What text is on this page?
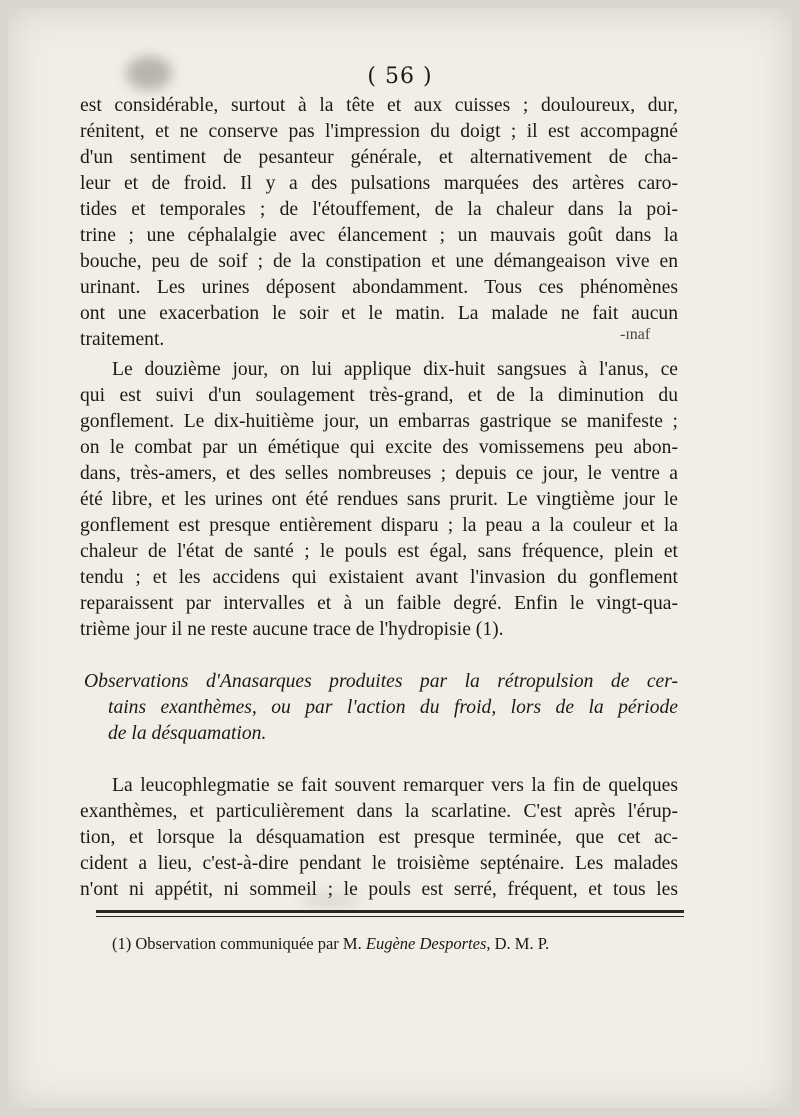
( 56 )
est considérable, surtout à la tête et aux cuisses ; douloureux, dur,
rénitent, et ne conserve pas l'impression du doigt ; il est accompagné
d'un sentiment de pesanteur générale, et alternativement de cha-
leur et de froid. Il y a des pulsations marquées des artères caro-
tides et temporales ; de l'étouffement, de la chaleur dans la poi-
trine ; une céphalalgie avec élancement ; un mauvais goût dans la
bouche, peu de soif ; de la constipation et une démangeaison vive en
urinant. Les urines déposent abondamment. Tous ces phénomènes
ont une exacerbation le soir et le matin. La malade ne fait aucun
traitement.	-ɪnaf
Le douzième jour, on lui applique dix-huit sangsues à l'anus, ce
qui est suivi d'un soulagement très-grand, et de la diminution du
gonflement. Le dix-huitième jour, un embarras gastrique se manifeste ;
on le combat par un émétique qui excite des vomissemens peu abon-
dans, très-amers, et des selles nombreuses ; depuis ce jour, le ventre a
été libre, et les urines ont été rendues sans prurit. Le vingtième jour le
gonflement est presque entièrement disparu ; la peau a la couleur et la
chaleur de l'état de santé ; le pouls est égal, sans fréquence, plein et
tendu ; et les accidens qui existaient avant l'invasion du gonflement
reparaissent par intervalles et à un faible degré. Enfin le vingt-qua-
trième jour il ne reste aucune trace de l'hydropisie (1).
Observations d'Anasarques produites par la rétropulsion de cer-
tains exanthèmes, ou par l'action du froid, lors de la période
de la désquamation.
La leucophlegmatie se fait souvent remarquer vers la fin de quelques
exanthèmes, et particulièrement dans la scarlatine. C'est après l'érup-
tion, et lorsque la désquamation est presque terminée, que cet ac-
cident a lieu, c'est-à-dire pendant le troisième septénaire. Les malades
n'ont ni appétit, ni sommeil ; le pouls est serré, fréquent, et tous les
(1) Observation communiquée par M. Eugène Desportes, D. M. P.
